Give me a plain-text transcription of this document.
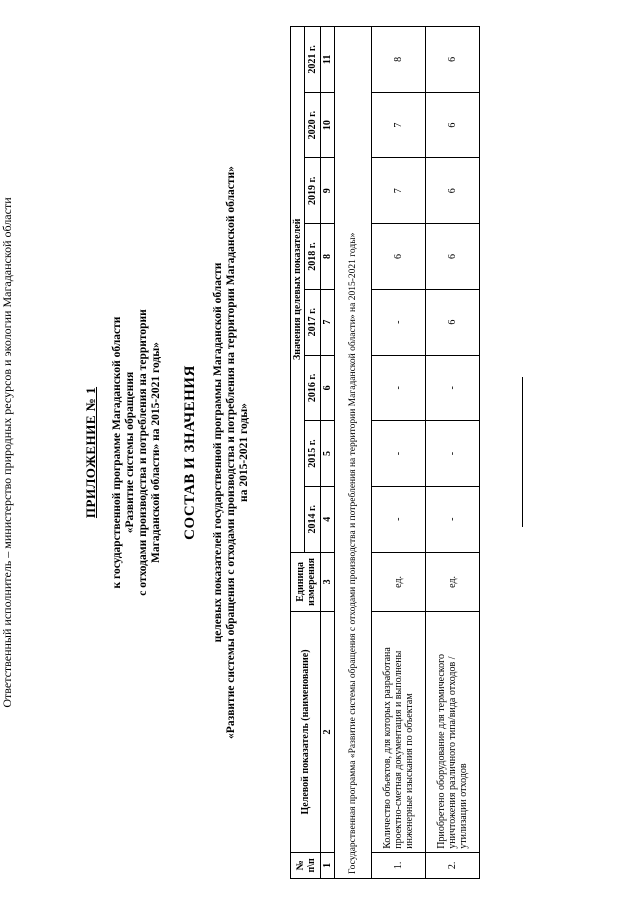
ПРИЛОЖЕНИЕ № 1 к государственной программе Магаданской области «Развитие системы обращения с отходами производства и потребления на территории Магаданской области» на 2015-2021 годы» СОСТАВ И ЗНАЧЕНИЯ целевых показателей государственной программы Магаданской области «Развитие системы обращения с отходами производства и потребления на территории Магаданской области» на 2015-2021 годы»
Ответственный исполнитель – министерство природных ресурсов и экологии Магаданской области
№ п\п	Целевой показатель (наименование)	Единица измерения	Значения целевых показателей							
			2014 г.	2015 г.	2016 г.	2017 г.	2018 г.	2019 г.	2020 г.	2021 г.
1	2	3	4	5	6	7	8	9	10	11
Государственная программа «Развитие системы обращения с отходами производства и потребления на территории Магаданской области» на 2015-2021 годы»										
1.	Количество объектов, для которых разработана проектно-сметная документация и выполнены инженерные изыскания по объектам	ед.	-	-	-	-	6	7	7	8
2.	Приобретено оборудование для термического уничтожения различного типа/вида отходов /утилизации отходов	ед.	-	-	-	6	6	6	6	6
